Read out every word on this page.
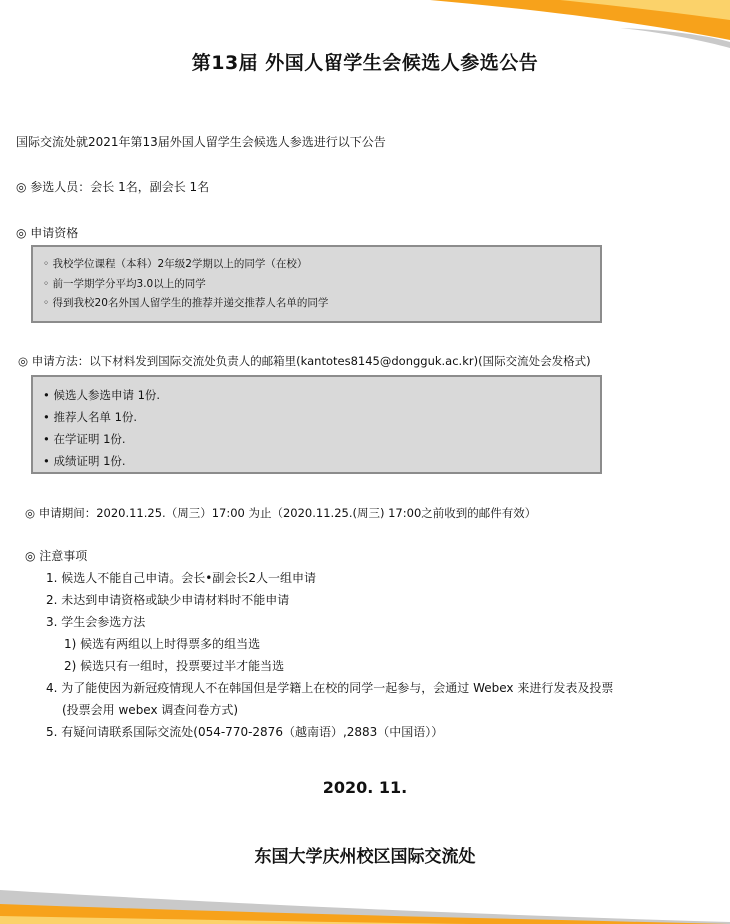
第13届 外国人留学生会候选人参选公告
国际交流处就2021年第13届外国人留学生会候选人参选进行以下公告
◎ 参选人员：会长 1名，副会长 1名
◎ 申请资格
◦ 我校学位课程（本科）2年级2学期以上的同学（在校）
◦ 前一学期学分平均3.0以上的同学
◦ 得到我校20名外国人留学生的推荐并递交推荐人名单的同学
◎ 申请方法：以下材料发到国际交流处负责人的邮箱里(kantotes8145@dongguk.ac.kr)(国际交流处会发格式)
• 候选人参选申请 1份.
• 推荐人名单 1份.
• 在学证明 1份.
• 成绩证明 1份.
◎ 申请期间：2020.11.25.（周三）17:00 为止（2020.11.25.(周三) 17:00之前收到的邮件有效）
◎ 注意事项
1. 候选人不能自己申请。会长•副会长2人一组申请
2. 未达到申请资格或缺少申请材料时不能申请
3. 学生会参选方法
1) 候选有两组以上时得票多的组当选
2) 候选只有一组时，投票要过半才能当选
4. 为了能使因为新冠疫情现人不在韩国但是学籍上在校的同学一起参与，会通过 Webex 来进行发表及投票
(投票会用 webex 调查问卷方式)
5. 有疑问请联系国际交流处(054-770-2876（越南语）,2883（中国语））
2020. 11.
东国大学庆州校区国际交流处
